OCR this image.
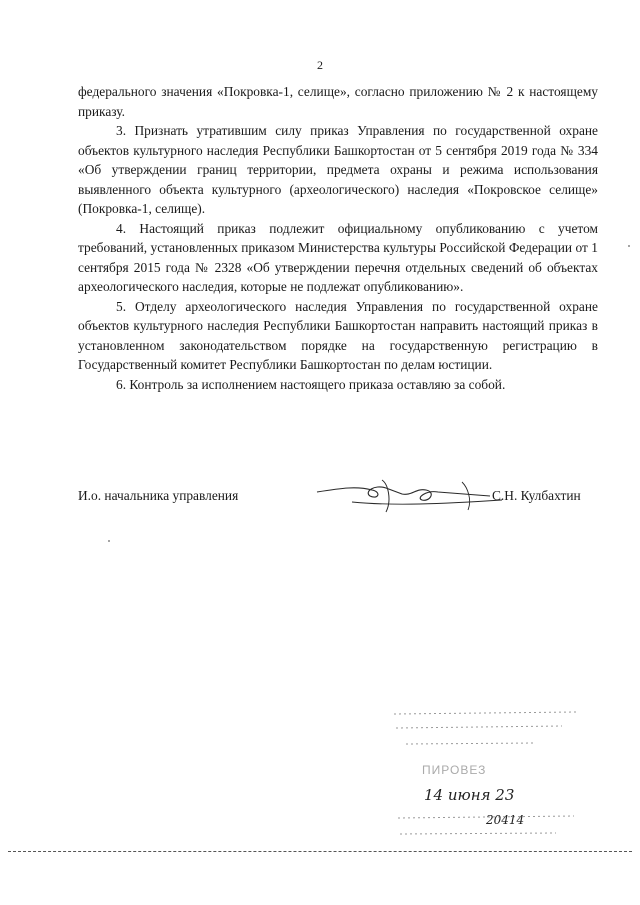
2

федерального значения «Покровка-1, селище», согласно приложению № 2 к настоящему приказу.

3. Признать утратившим силу приказ Управления по государственной охране объектов культурного наследия Республики Башкортостан от 5 сентября 2019 года № 334 «Об утверждении границ территории, предмета охраны и режима использования выявленного объекта культурного (археологического) наследия «Покровское селище» (Покровка-1, селище).

4. Настоящий приказ подлежит официальному опубликованию с учетом требований, установленных приказом Министерства культуры Российской Федерации от 1 сентября 2015 года № 2328 «Об утверждении перечня отдельных сведений об объектах археологического наследия, которые не подлежат опубликованию».

5. Отделу археологического наследия Управления по государственной охране объектов культурного наследия Республики Башкортостан направить настоящий приказ в установленном законодательством порядке на государственную регистрацию в Государственный комитет Республики Башкортостан по делам юстиции.

6. Контроль за исполнением настоящего приказа оставляю за собой.

И.о. начальника управления	С.Н. Кулбахтин
ПИРОВЕЗ
14 июня 23
20414
